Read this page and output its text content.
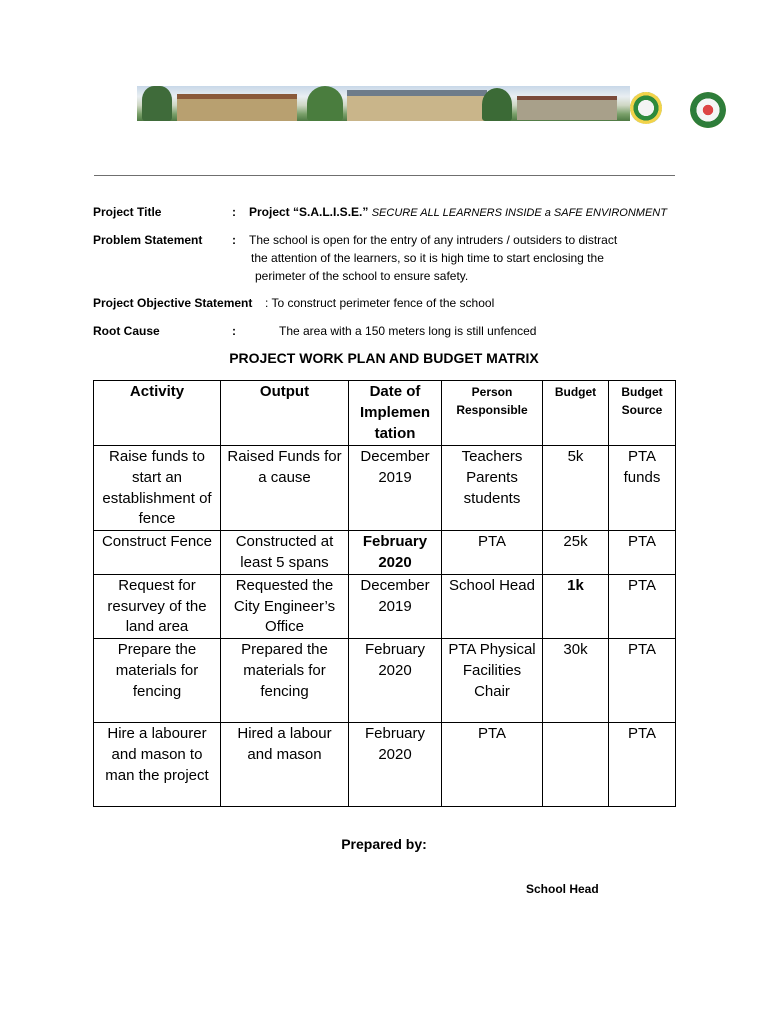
Project Title	: Project “S.A.L.I.S.E.” SECURE ALL LEARNERS INSIDE a SAFE ENVIRONMENT
Problem Statement : The school is open for the entry of any intruders / outsiders to distract
the attention of the learners, so it is high time to start enclosing the
perimeter of the school to ensure safety.
Project Objective Statement : To construct perimeter fence of the school
Root Cause	:	The area with a 150 meters long is still unfenced
PROJECT WORK PLAN AND BUDGET MATRIX
Activity	Output	Date of Implemen tation	Person Responsible	Budget	Budget Source
Raise funds to start an establishment of fence	Raised Funds for a cause	December 2019	Teachers Parents students	5k	PTA funds
Construct Fence	Constructed at least 5 spans	February 2020	PTA	25k	PTA
Request for resurvey of the land area	Requested the City Engineer’s Office	December 2019	School Head	1k	PTA
Prepare the materials for fencing	Prepared the materials for fencing	February 2020	PTA Physical Facilities Chair	30k	PTA
Hire a labourer and mason to man the project	Hired a labour and mason	February 2020	PTA		PTA
Prepared by:
School Head
